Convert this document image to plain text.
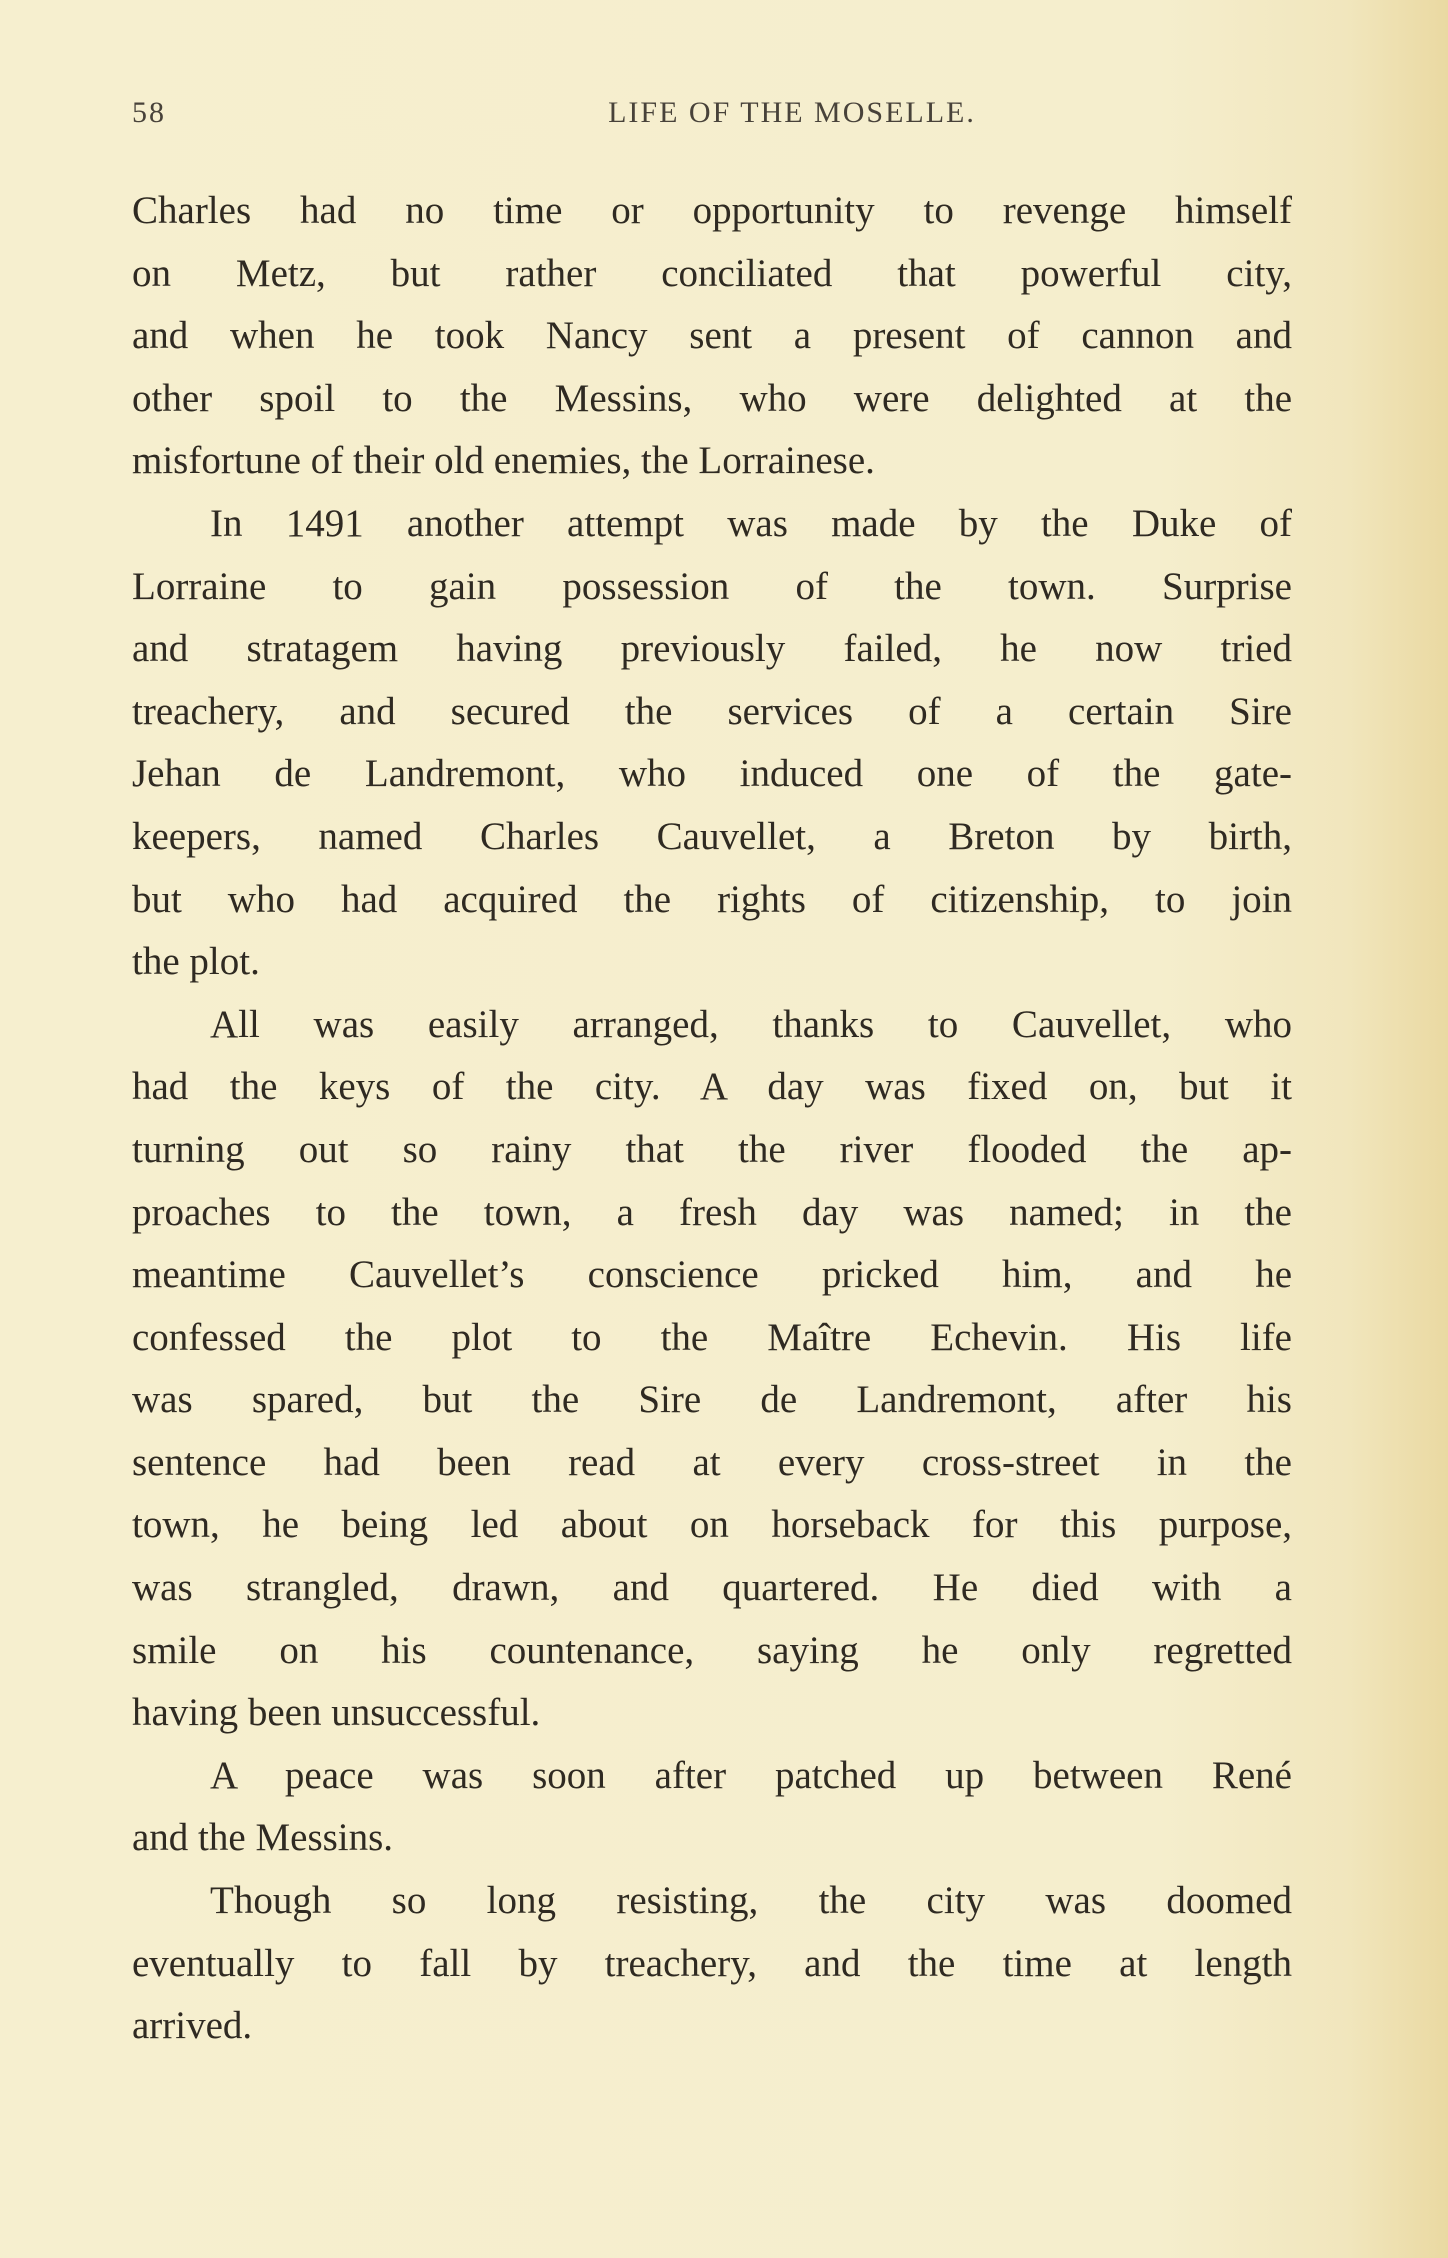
58	LIFE OF THE MOSELLE.
Charles had no time or opportunity to revenge himself
on Metz, but rather conciliated that powerful city,
and when he took Nancy sent a present of cannon and
other spoil to the Messins, who were delighted at the
misfortune of their old enemies, the Lorrainese.
In 1491 another attempt was made by the Duke of
Lorraine to gain possession of the town. Surprise
and stratagem having previously failed, he now tried
treachery, and secured the services of a certain Sire
Jehan de Landremont, who induced one of the gate-
keepers, named Charles Cauvellet, a Breton by birth,
but who had acquired the rights of citizenship, to join
the plot.
All was easily arranged, thanks to Cauvellet, who
had the keys of the city. A day was fixed on, but it
turning out so rainy that the river flooded the ap-
proaches to the town, a fresh day was named; in the
meantime Cauvellet’s conscience pricked him, and he
confessed the plot to the Maître Echevin. His life
was spared, but the Sire de Landremont, after his
sentence had been read at every cross-street in the
town, he being led about on horseback for this purpose,
was strangled, drawn, and quartered. He died with a
smile on his countenance, saying he only regretted
having been unsuccessful.
A peace was soon after patched up between René
and the Messins.
Though so long resisting, the city was doomed
eventually to fall by treachery, and the time at length
arrived.
